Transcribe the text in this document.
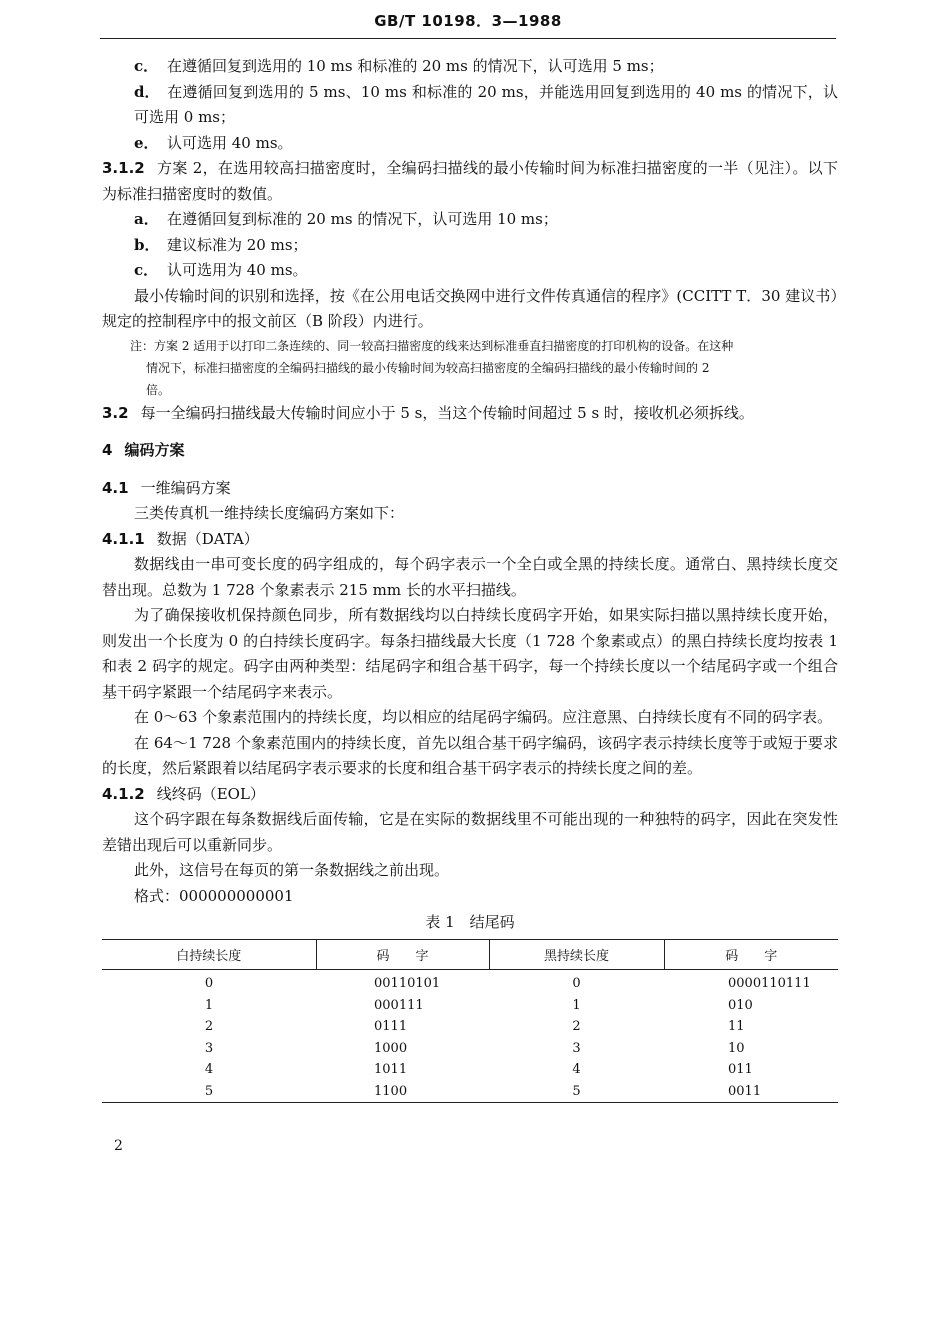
GB/T 10198．3—1988

c． 在遵循回复到选用的 10 ms 和标准的 20 ms 的情况下，认可选用 5 ms；

d． 在遵循回复到选用的 5 ms、10 ms 和标准的 20 ms，并能选用回复到选用的 40 ms 的情况下，认可选用 0 ms；

e． 认可选用 40 ms。

3.1.2 方案 2，在选用较高扫描密度时，全编码扫描线的最小传输时间为标准扫描密度的一半（见注）。以下为标准扫描密度时的数值。

a． 在遵循回复到标准的 20 ms 的情况下，认可选用 10 ms；

b． 建议标准为 20 ms；

c． 认可选用为 40 ms。

最小传输时间的识别和选择，按《在公用电话交换网中进行文件传真通信的程序》(CCITT T．30 建议书）规定的控制程序中的报文前区（B 阶段）内进行。

注：方案 2 适用于以打印二条连续的、同一较高扫描密度的线来达到标准垂直扫描密度的打印机构的设备。在这种

情况下，标准扫描密度的全编码扫描线的最小传输时间为较高扫描密度的全编码扫描线的最小传输时间的 2

倍。

3.2 每一全编码扫描线最大传输时间应小于 5 s，当这个传输时间超过 5 s 时，接收机必须拆线。

4 编码方案

4.1 一维编码方案

三类传真机一维持续长度编码方案如下：

4.1.1 数据（DATA）

数据线由一串可变长度的码字组成的，每个码字表示一个全白或全黑的持续长度。通常白、黑持续长度交替出现。总数为 1 728 个象素表示 215 mm 长的水平扫描线。

为了确保接收机保持颜色同步，所有数据线均以白持续长度码字开始，如果实际扫描以黑持续长度开始，则发出一个长度为 0 的白持续长度码字。每条扫描线最大长度（1 728 个象素或点）的黑白持续长度均按表 1 和表 2 码字的规定。码字由两种类型：结尾码字和组合基干码字，每一个持续长度以一个结尾码字或一个组合基干码字紧跟一个结尾码字来表示。

在 0～63 个象素范围内的持续长度，均以相应的结尾码字编码。应注意黑、白持续长度有不同的码字表。

在 64～1 728 个象素范围内的持续长度，首先以组合基干码字编码，该码字表示持续长度等于或短于要求的长度，然后紧跟着以结尾码字表示要求的长度和组合基干码字表示的持续长度之间的差。

4.1.2 线终码（EOL）

这个码字跟在每条数据线后面传输，它是在实际的数据线里不可能出现的一种独特的码字，因此在突发性差错出现后可以重新同步。

此外，这信号在每页的第一条数据线之前出现。

格式：000000000001

表 1　结尾码
白持续长度	码　　字	黑持续长度	码　　字
0	00110101	0	0000110111
1	000111	1	010
2	0111	2	11
3	1000	3	10
4	1011	4	011
5	1100	5	0011
2
